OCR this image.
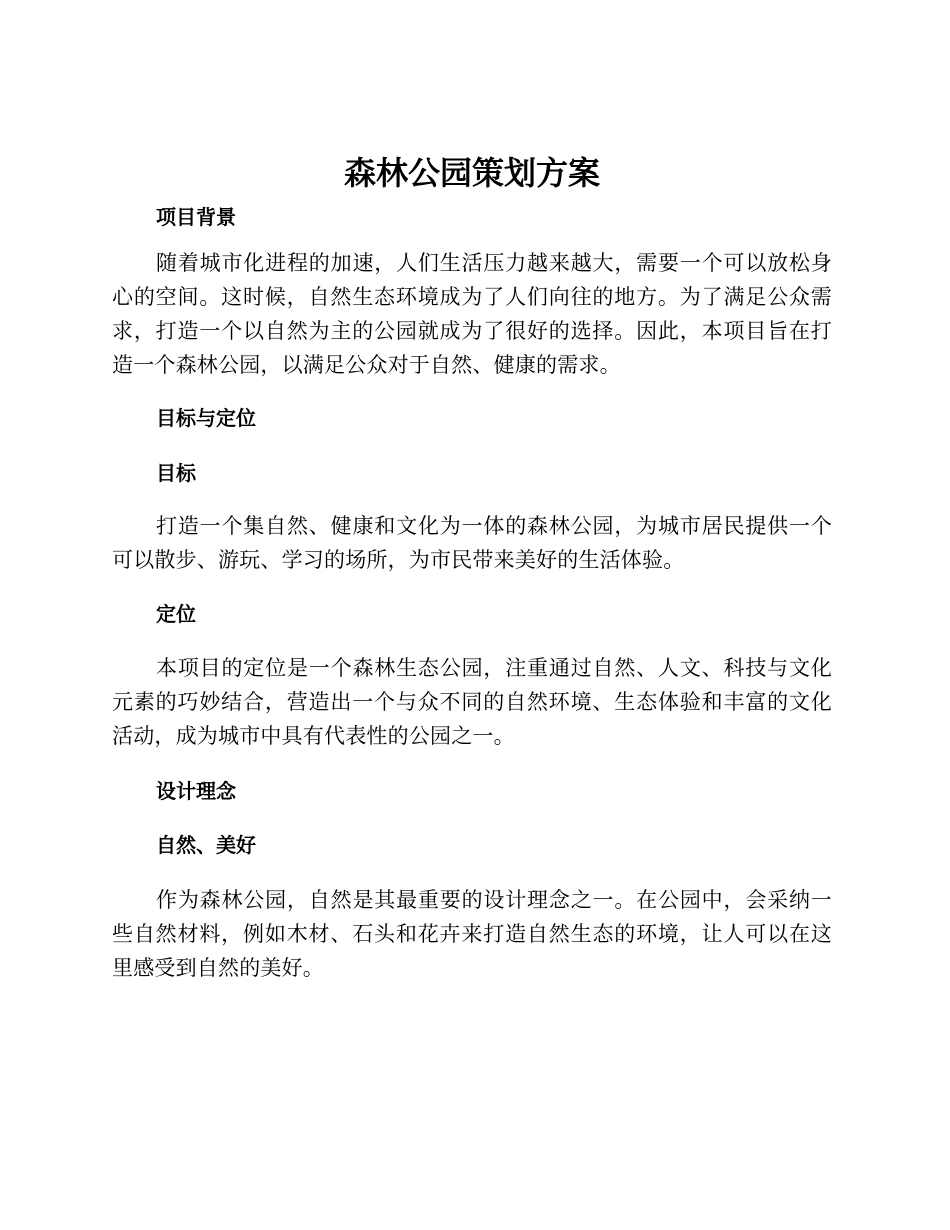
森林公园策划方案
项目背景

随着城市化进程的加速，人们生活压力越来越大，需要一个可以放松身心的空间。这时候，自然生态环境成为了人们向往的地方。为了满足公众需求，打造一个以自然为主的公园就成为了很好的选择。因此，本项目旨在打造一个森林公园，以满足公众对于自然、健康的需求。

目标与定位
目标

打造一个集自然、健康和文化为一体的森林公园，为城市居民提供一个可以散步、游玩、学习的场所，为市民带来美好的生活体验。

定位

本项目的定位是一个森林生态公园，注重通过自然、人文、科技与文化元素的巧妙结合，营造出一个与众不同的自然环境、生态体验和丰富的文化活动，成为城市中具有代表性的公园之一。

设计理念
自然、美好

作为森林公园，自然是其最重要的设计理念之一。在公园中，会采纳一些自然材料，例如木材、石头和花卉来打造自然生态的环境，让人可以在这里感受到自然的美好。
